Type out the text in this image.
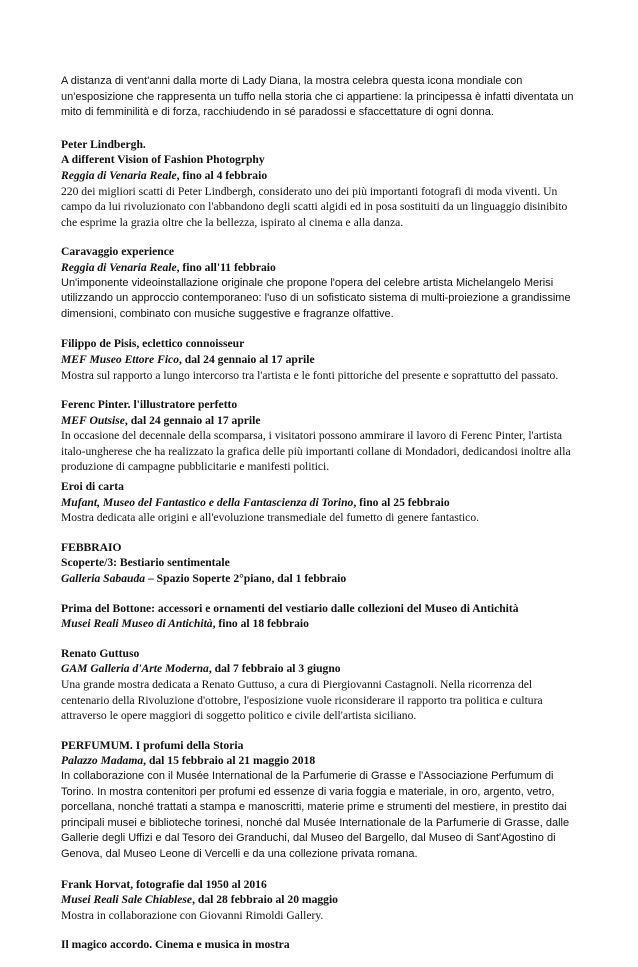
A distanza di vent'anni dalla morte di Lady Diana, la mostra celebra questa icona mondiale con un'esposizione che rappresenta un tuffo nella storia che ci appartiene: la principessa è infatti diventata un mito di femminilità e di forza, racchiudendo in sé paradossi e sfaccettature di ogni donna.

Peter Lindbergh.

A different Vision of Fashion Photogrphy

Reggia di Venaria Reale, fino al 4 febbraio

220 dei migliori scatti di Peter Lindbergh, considerato uno dei più importanti fotografi di moda viventi. Un campo da lui rivoluzionato con l'abbandono degli scatti algidi ed in posa sostituiti da un linguaggio disinibito che esprime la grazia oltre che la bellezza, ispirato al cinema e alla danza.

Caravaggio experience

Reggia di Venaria Reale, fino all'11 febbraio

Un'imponente videoinstallazione originale che propone l'opera del celebre artista Michelangelo Merisi utilizzando un approccio contemporaneo: l'uso di un sofisticato sistema di multi-proiezione a grandissime dimensioni, combinato con musiche suggestive e fragranze olfattive.

Filippo de Pisis, eclettico connoisseur

MEF Museo Ettore Fico, dal 24 gennaio al 17 aprile

Mostra sul rapporto a lungo intercorso tra l'artista e le fonti pittoriche del presente e soprattutto del passato.

Ferenc Pinter. l'illustratore perfetto

MEF Outsise, dal 24 gennaio al 17 aprile

In occasione del decennale della scomparsa, i visitatori possono ammirare il lavoro di Ferenc Pinter, l'artista italo-ungherese che ha realizzato la grafica delle più importanti collane di Mondadori, dedicandosi inoltre alla produzione di campagne pubblicitarie e manifesti politici.

Eroi di carta

Mufant, Museo del Fantastico e della Fantascienza di Torino, fino al 25 febbraio

Mostra dedicata alle origini e all'evoluzione transmediale del fumetto di genere fantastico.

FEBBRAIO

Scoperte/3: Bestiario sentimentale

Galleria Sabauda – Spazio Soperte 2°piano, dal 1 febbraio

Prima del Bottone: accessori e ornamenti del vestiario dalle collezioni del Museo di Antichità

Musei Reali Museo di Antichità, fino al 18 febbraio

Renato Guttuso

GAM Galleria d'Arte Moderna, dal 7 febbraio al 3 giugno

Una grande mostra dedicata a Renato Guttuso, a cura di Piergiovanni Castagnoli. Nella ricorrenza del centenario della Rivoluzione d'ottobre, l'esposizione vuole riconsiderare il rapporto tra politica e cultura attraverso le opere maggiori di soggetto politico e civile dell'artista siciliano.

PERFUMUM. I profumi della Storia

Palazzo Madama, dal 15 febbraio al 21 maggio 2018

In collaborazione con il Musée International de la Parfumerie di Grasse e l'Associazione Perfumum di Torino. In mostra contenitori per profumi ed essenze di varia foggia e materiale, in oro, argento, vetro, porcellana, nonché trattati a stampa e manoscritti, materie prime e strumenti del mestiere, in prestito dai principali musei e biblioteche torinesi, nonché dal Musée Internationale de la Parfumerie di Grasse, dalle Gallerie degli Uffizi e dal Tesoro dei Granduchi, dal Museo del Bargello, dal Museo di Sant'Agostino di Genova, dal Museo Leone di Vercelli e da una collezione privata romana.

Frank Horvat, fotografie dal 1950 al 2016

Musei Reali Sale Chiablese, dal 28 febbraio al 20 maggio

Mostra in collaborazione con Giovanni Rimoldi Gallery.

Il magico accordo. Cinema e musica in mostra
